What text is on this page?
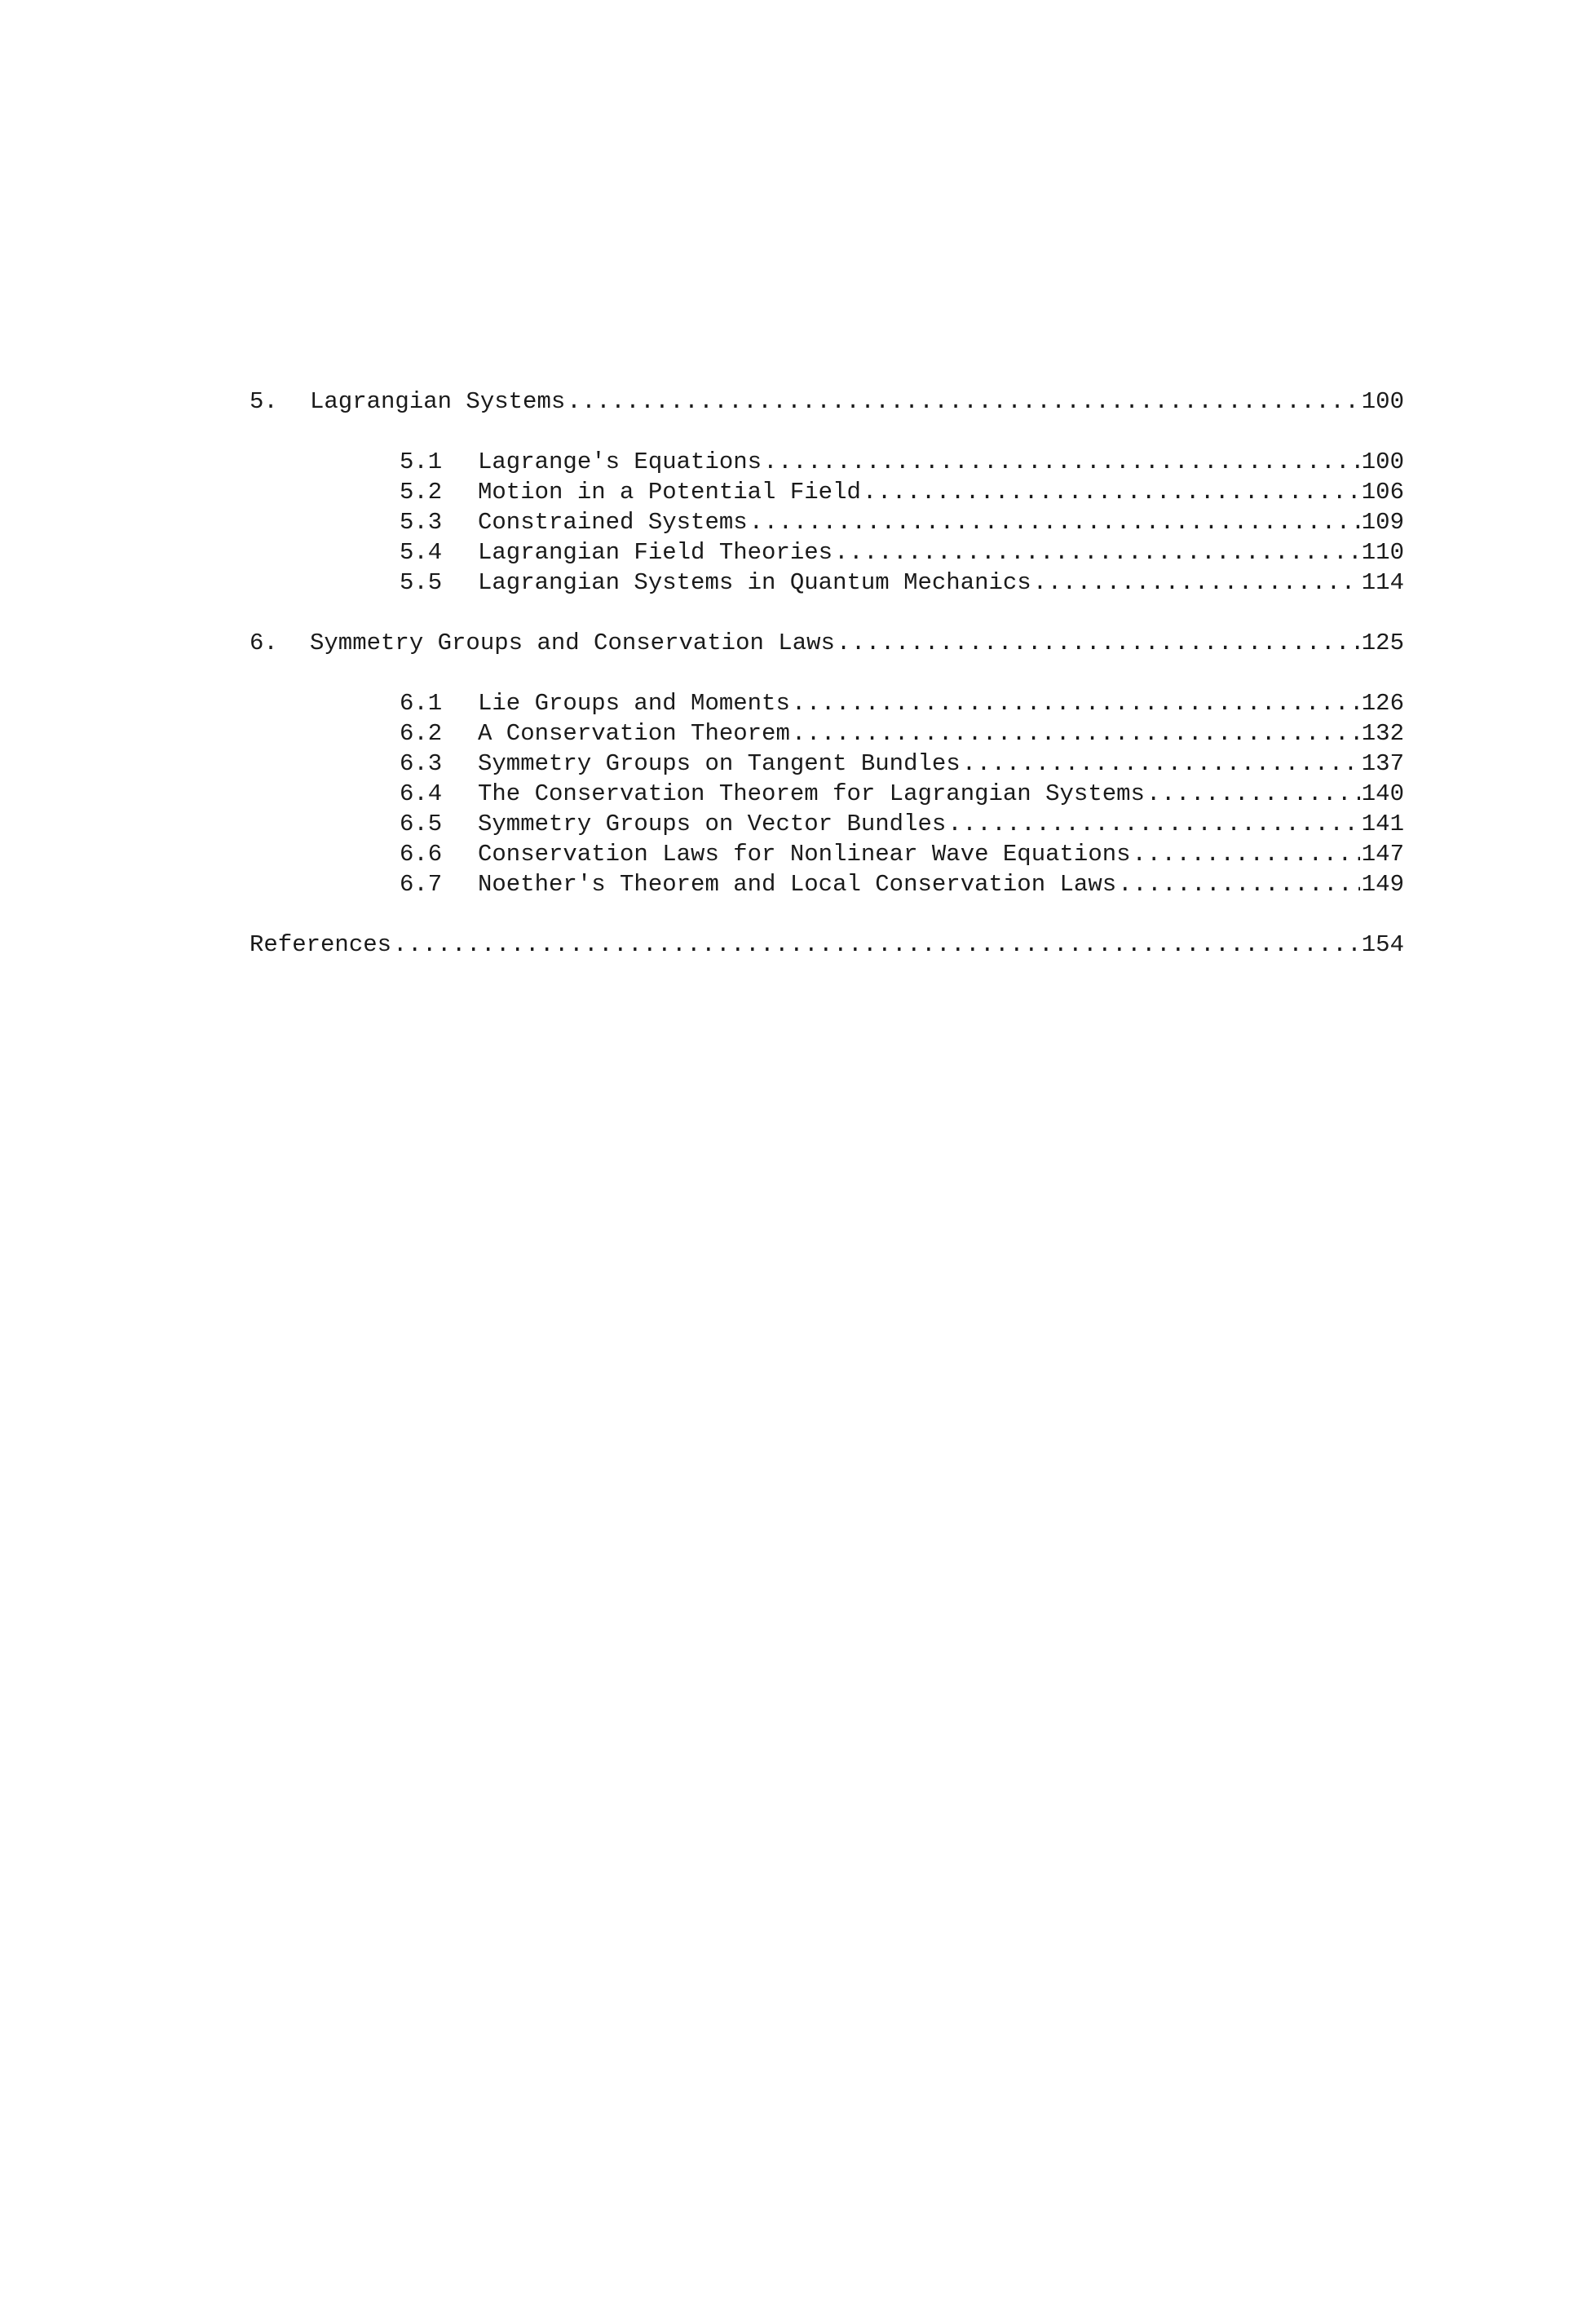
5.	Lagrangian Systems .....	100
5.1	Lagrange's Equations .....	100
5.2	Motion in a Potential Field .....	106
5.3	Constrained Systems .....	109
5.4	Lagrangian Field Theories .....	110
5.5	Lagrangian Systems in Quantum Mechanics .....	114
6.	Symmetry Groups and Conservation Laws .....	125
6.1	Lie Groups and Moments .....	126
6.2	A Conservation Theorem .....	132
6.3	Symmetry Groups on Tangent Bundles .....	137
6.4	The Conservation Theorem for Lagrangian Systems .....	140
6.5	Symmetry Groups on Vector Bundles .....	141
6.6	Conservation Laws for Nonlinear Wave Equations .....	147
6.7	Noether's Theorem and Local Conservation Laws .....	149
References .....	154
